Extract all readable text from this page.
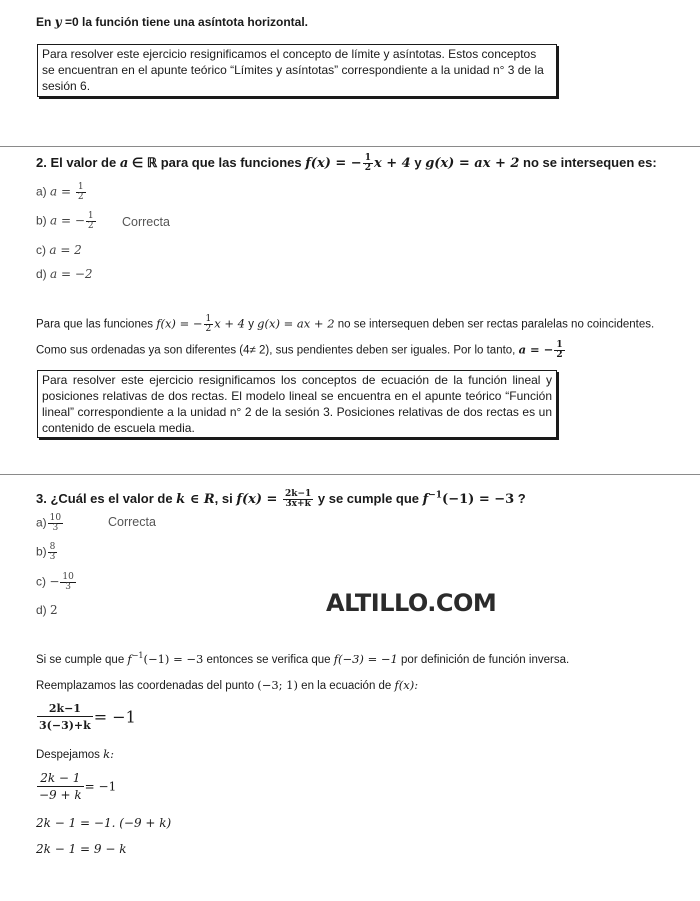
En y =0 la función tiene una asíntota horizontal.
Para resolver este ejercicio resignificamos el concepto de límite y asíntotas. Estos conceptos se encuentran en el apunte teórico “Límites y asíntotas” correspondiente a la unidad n° 3 de la sesión 6.
2. El valor de a ∈ ℝ para que las funciones f(x) = − $\frac{1}{2}$ x + 4 y g(x) = ax + 2 no se intersequen es:
a) $a = \frac{1}{2}$
b) a = − $\frac{1}{2}$ Correcta
c) a = 2
d) a = −2
Para que las funciones f(x) = − $\frac{1}{2}$ x + 4 y g(x) = ax + 2 no se intersequen deben ser rectas paralelas no coincidentes.
Como sus ordenadas ya son diferentes (4≠ 2), sus pendientes deben ser iguales. Por lo tanto, a = − $\frac{1}{2}$
Para resolver este ejercicio resignificamos los conceptos de ecuación de la función lineal y posiciones relativas de dos rectas. El modelo lineal se encuentra en el apunte teórico “Función lineal” correspondiente a la unidad n° 2 de la sesión 3. Posiciones relativas de dos rectas es un contenido de escuela media.
3. ¿Cuál es el valor de k ∈ R, si $f(x) = \frac{2k-1}{3x+k}$ y se cumple que $f^{-1}(-1) = -3$ ?
$a) \frac{10}{3}$	Correcta
$b) \frac{8}{3}$
$c) - \frac{10}{3}$
d) 2	ALTILLO.COM
Si se cumple que $f^{-1}(-1) = -3$ entonces se verifica que f(−3) = −1 por definición de función inversa.
Reemplazamos las coordenadas del punto (−3; 1) en la ecuación de f(x):
$\frac{2k-1}{3(-3)+k} = -1$
Despejamos k:
$\frac{2k - 1}{-9 + k} = -1$
2k − 1 = −1. (−9 + k)
2k − 1 = 9 − k
